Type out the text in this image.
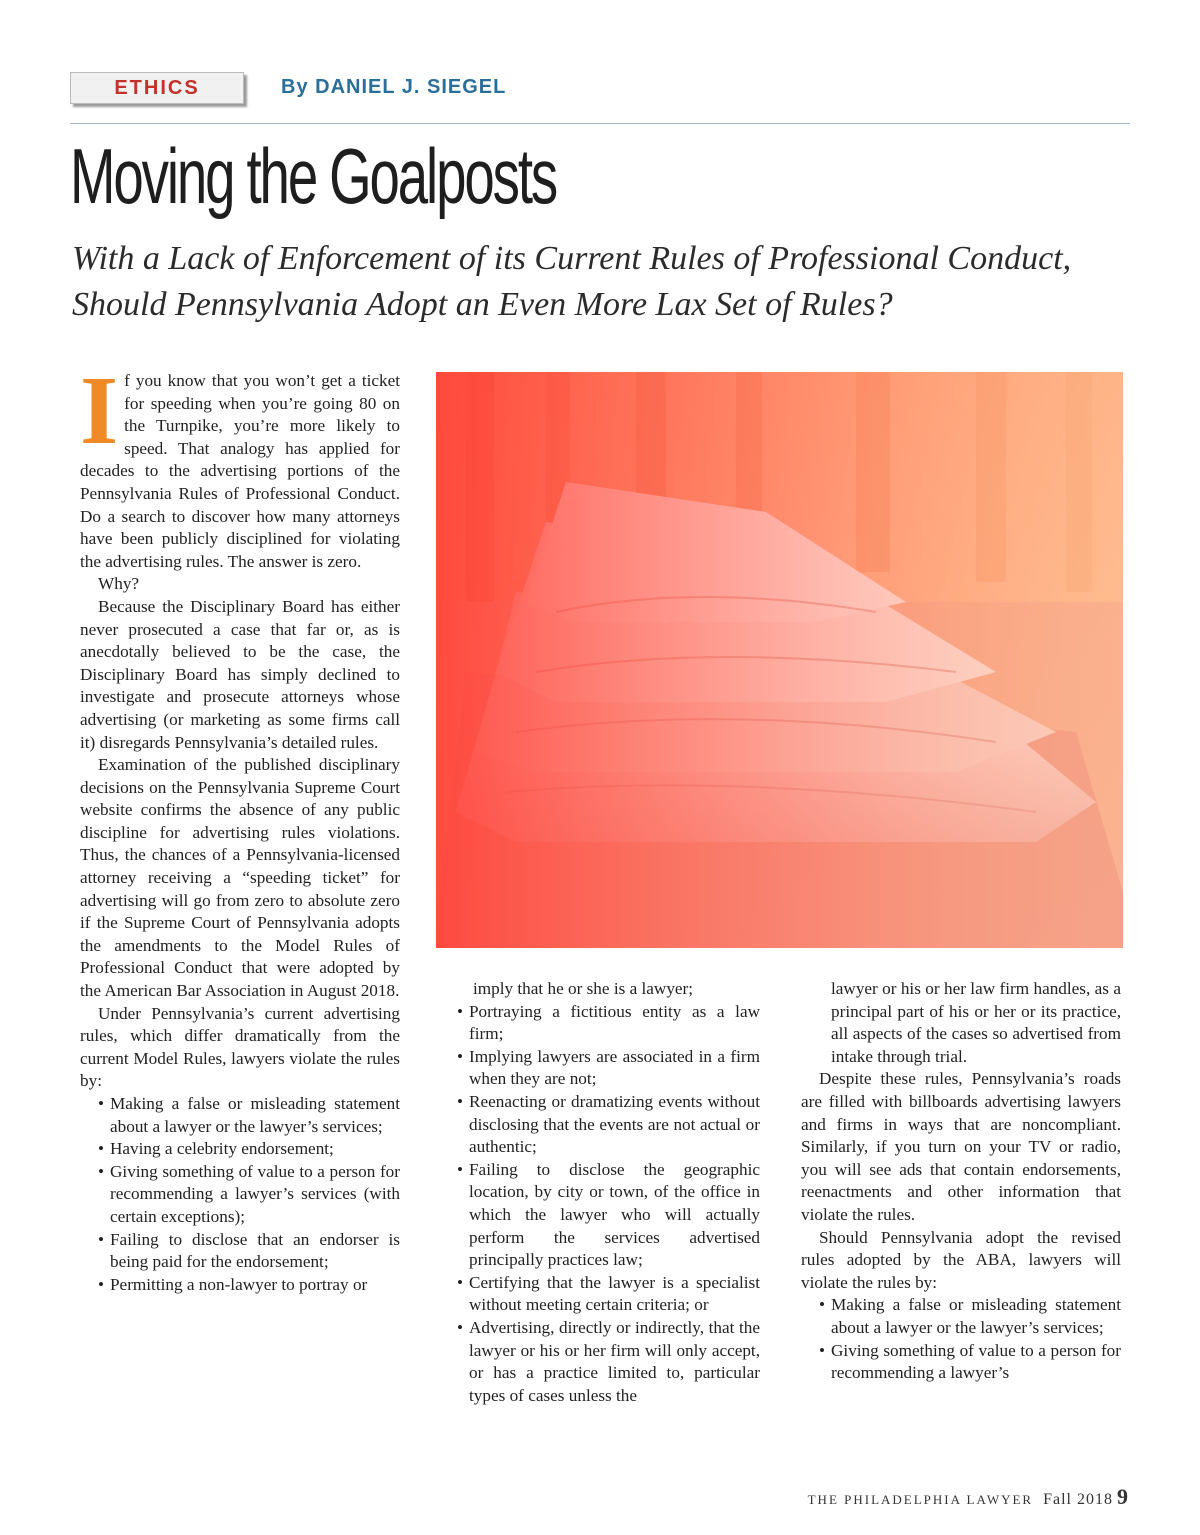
ETHICS	By DANIEL J. SIEGEL
Moving the Goalposts
With a Lack of Enforcement of its Current Rules of Professional Conduct, Should Pennsylvania Adopt an Even More Lax Set of Rules?

If you know that you won’t get a ticket for speeding when you’re going 80 on the Turnpike, you’re more likely to speed. That analogy has applied for decades to the advertising portions of the Pennsylvania Rules of Professional Conduct. Do a search to discover how many attorneys have been publicly disciplined for violating the advertising rules. The answer is zero.

Why?

Because the Disciplinary Board has either never prosecuted a case that far or, as is anecdotally believed to be the case, the Disciplinary Board has simply declined to investigate and prosecute attorneys whose advertising (or marketing as some firms call it) disregards Pennsylvania’s detailed rules.

Examination of the published disciplinary decisions on the Pennsylvania Supreme Court website confirms the absence of any public discipline for advertising rules violations. Thus, the chances of a Pennsylvania-licensed attorney receiving a “speeding ticket” for advertising will go from zero to absolute zero if the Supreme Court of Pennsylvania adopts the amendments to the Model Rules of Professional Conduct that were adopted by the American Bar Association in August 2018.

Under Pennsylvania’s current advertising rules, which differ dramatically from the current Model Rules, lawyers violate the rules by:

• Making a false or misleading statement about a lawyer or the lawyer’s services;
• Having a celebrity endorsement;
• Giving something of value to a person for recommending a lawyer’s services (with certain exceptions);
• Failing to disclose that an endorser is being paid for the endorsement;
• Permitting a non-lawyer to portray or
imply that he or she is a lawyer;
• Portraying a fictitious entity as a law firm;
• Implying lawyers are associated in a firm when they are not;
• Reenacting or dramatizing events without disclosing that the events are not actual or authentic;
• Failing to disclose the geographic location, by city or town, of the office in which the lawyer who will actually perform the services advertised principally practices law;
• Certifying that the lawyer is a specialist without meeting certain criteria; or
• Advertising, directly or indirectly, that the lawyer or his or her firm will only accept, or has a practice limited to, particular types of cases unless the
lawyer or his or her law firm handles, as a principal part of his or her or its practice, all aspects of the cases so advertised from intake through trial.

Despite these rules, Pennsylvania’s roads are filled with billboards advertising lawyers and firms in ways that are noncompliant. Similarly, if you turn on your TV or radio, you will see ads that contain endorsements, reenactments and other information that violate the rules.

Should Pennsylvania adopt the revised rules adopted by the ABA, lawyers will violate the rules by:

• Making a false or misleading statement about a lawyer or the lawyer’s services;
• Giving something of value to a person for recommending a lawyer’s
THE PHILADELPHIA LAWYER Fall 2018 9
